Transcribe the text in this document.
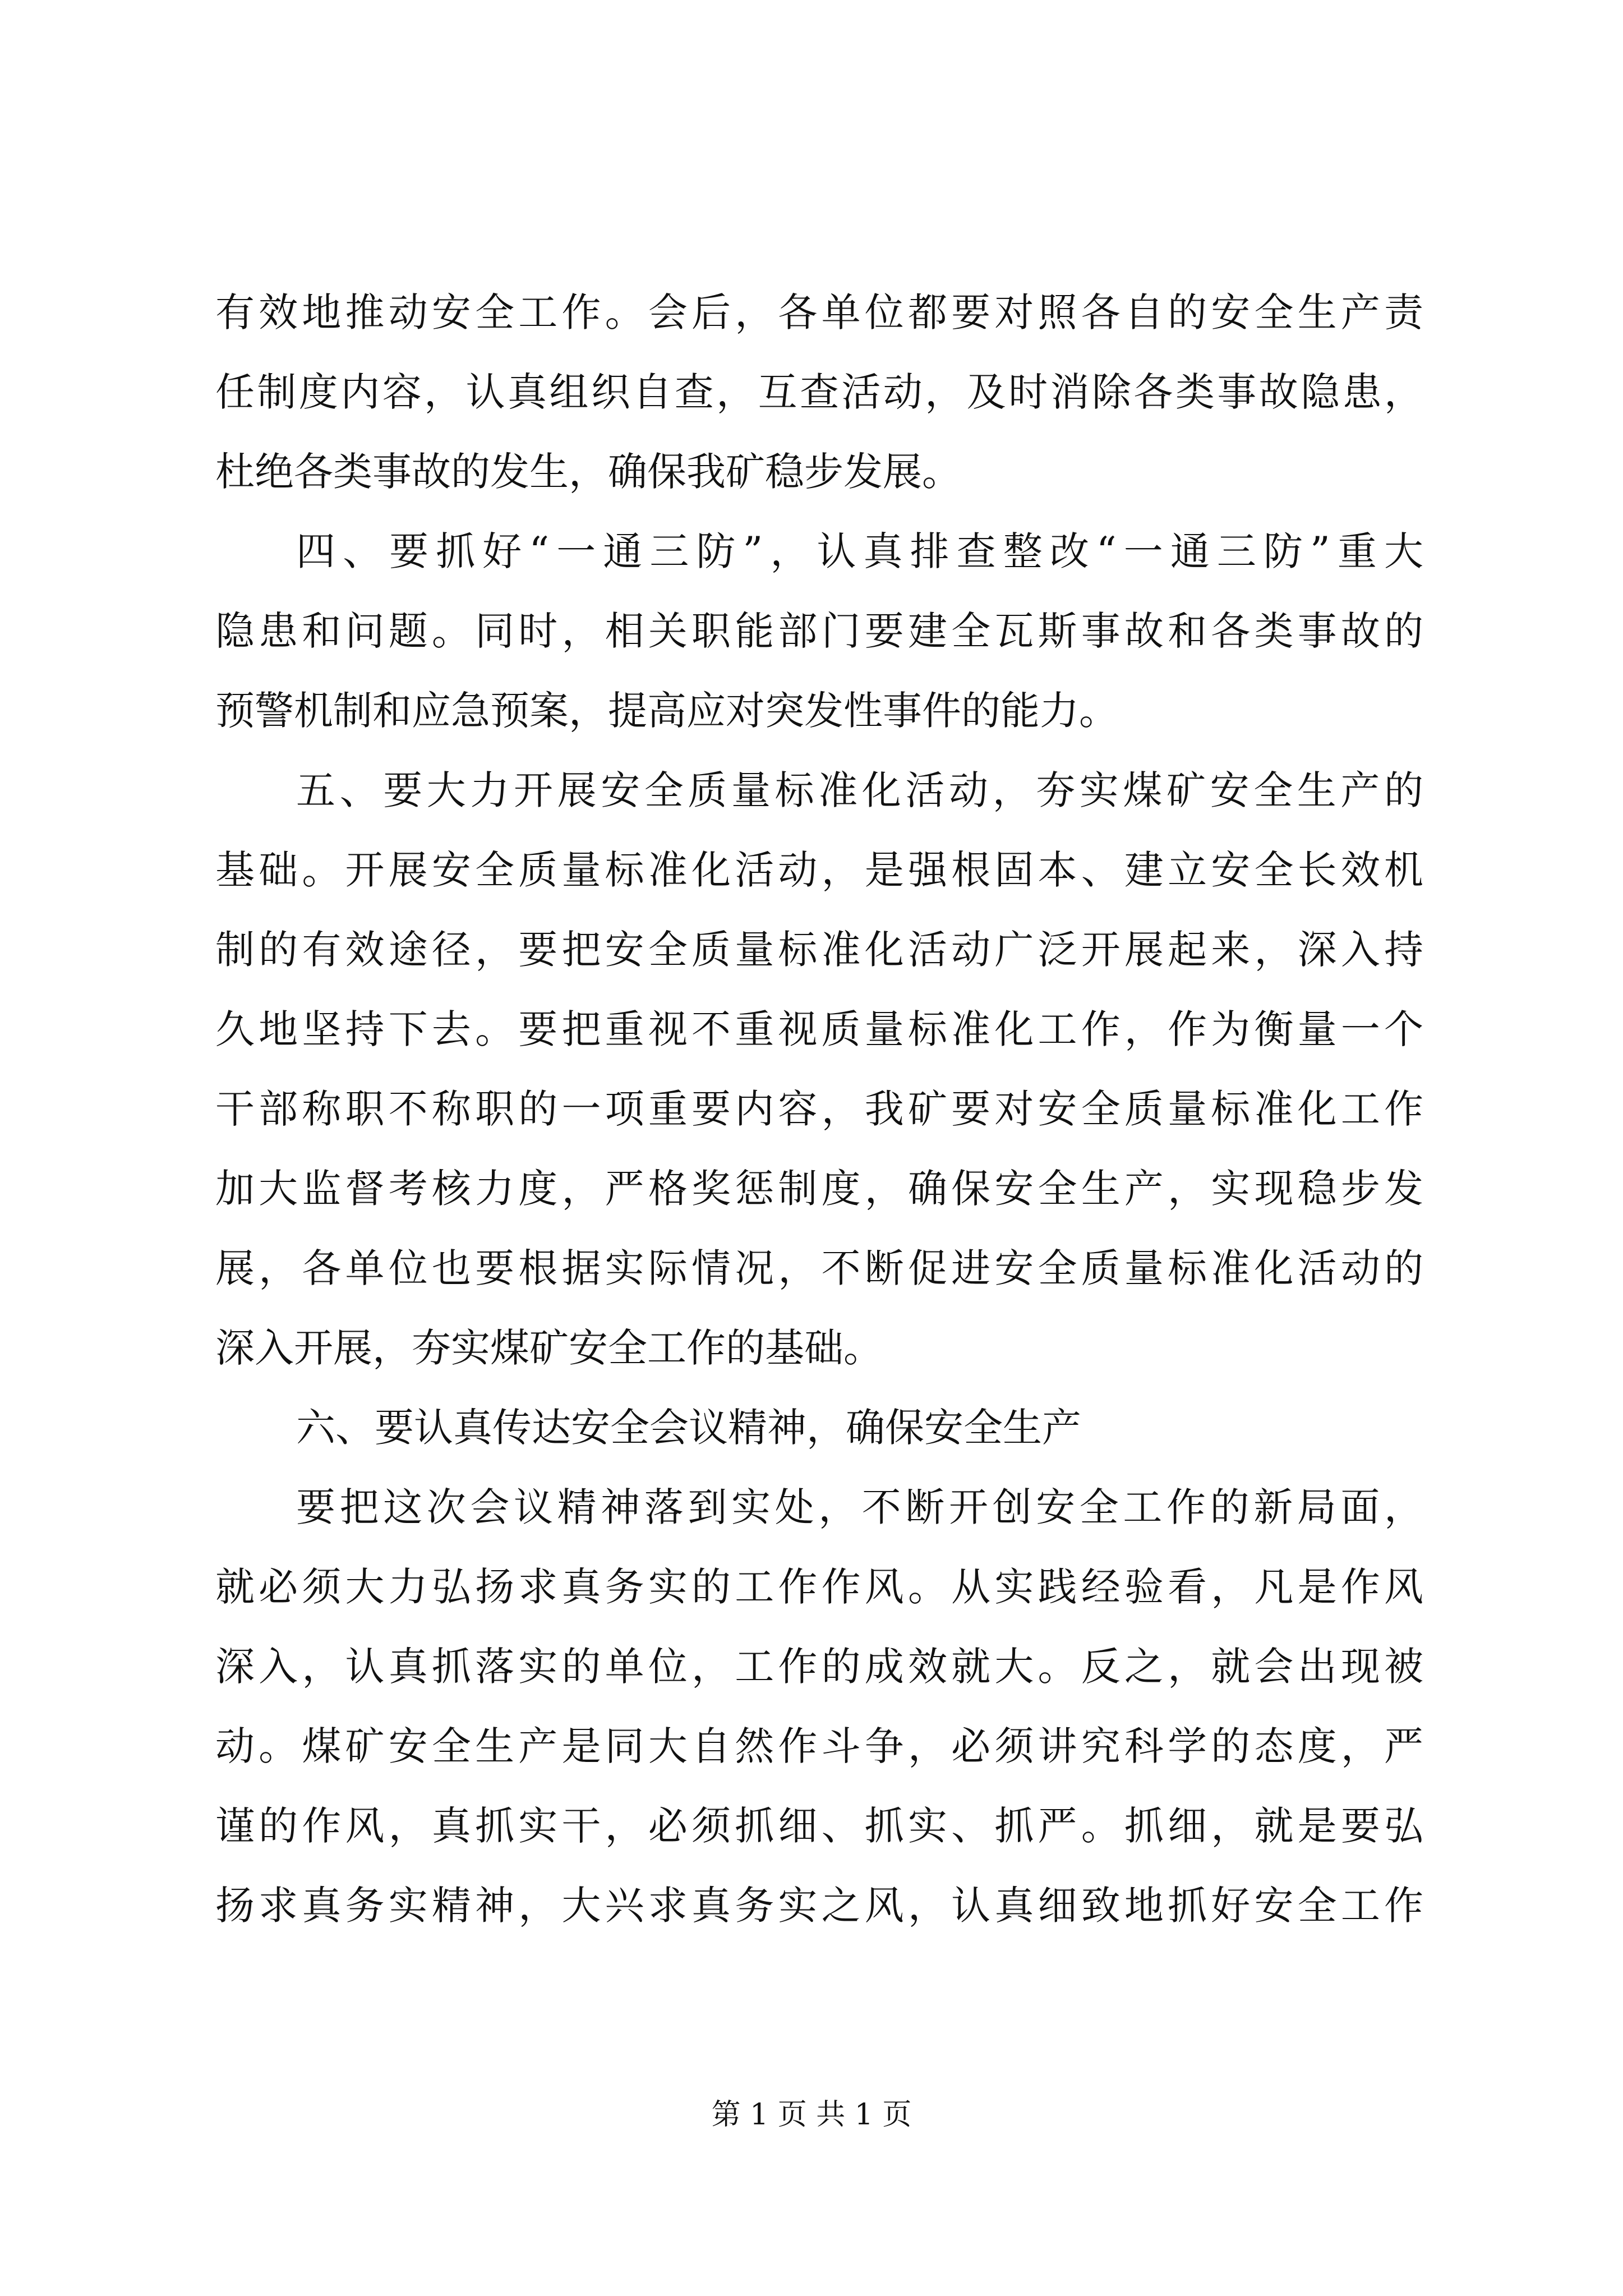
有效地推动安全工作。会后，各单位都要对照各自的安全生产责
任制度内容，认真组织自查，互查活动，及时消除各类事故隐患，
杜绝各类事故的发生，确保我矿稳步发展。
四、要抓好“一通三防”，认真排查整改“一通三防”重大
隐患和问题。同时，相关职能部门要建全瓦斯事故和各类事故的
预警机制和应急预案，提高应对突发性事件的能力。
五、要大力开展安全质量标准化活动，夯实煤矿安全生产的
基础。开展安全质量标准化活动，是强根固本、建立安全长效机
制的有效途径，要把安全质量标准化活动广泛开展起来，深入持
久地坚持下去。要把重视不重视质量标准化工作，作为衡量一个
干部称职不称职的一项重要内容，我矿要对安全质量标准化工作
加大监督考核力度，严格奖惩制度，确保安全生产，实现稳步发
展，各单位也要根据实际情况，不断促进安全质量标准化活动的
深入开展，夯实煤矿安全工作的基础。
六、要认真传达安全会议精神，确保安全生产
要把这次会议精神落到实处，不断开创安全工作的新局面，
就必须大力弘扬求真务实的工作作风。从实践经验看，凡是作风
深入，认真抓落实的单位，工作的成效就大。反之，就会出现被
动。煤矿安全生产是同大自然作斗争，必须讲究科学的态度，严
谨的作风，真抓实干，必须抓细、抓实、抓严。抓细，就是要弘
扬求真务实精神，大兴求真务实之风，认真细致地抓好安全工作
第 1 页 共 1 页
